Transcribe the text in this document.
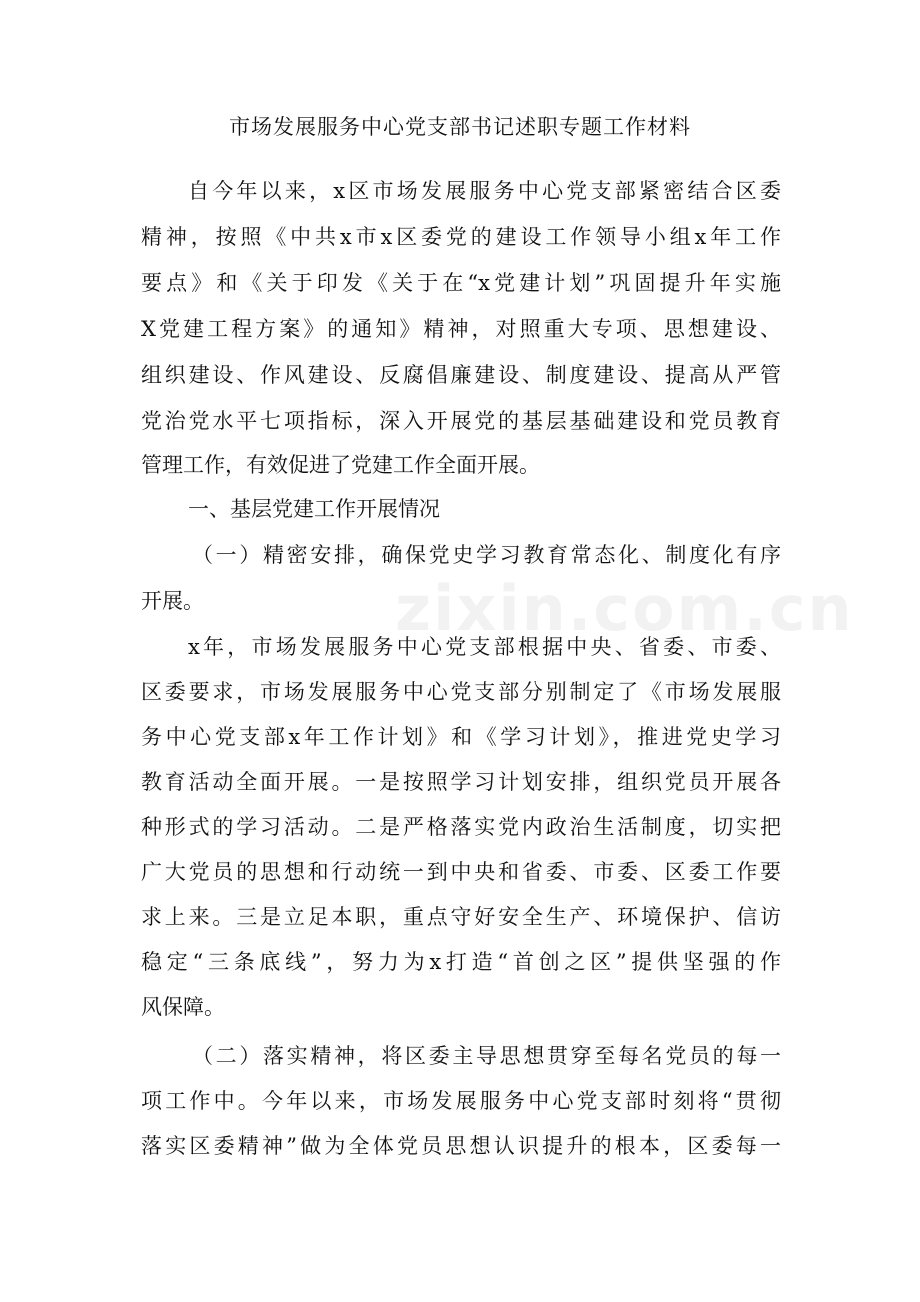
zixin.com.cn
市场发展服务中心党支部书记述职专题工作材料
自今年以来，x区市场发展服务中心党支部紧密结合区委
精神，按照《中共x市x区委党的建设工作领导小组x年工作
要点》和《关于印发《关于在“x党建计划”巩固提升年实施
X党建工程方案》的通知》精神，对照重大专项、思想建设、
组织建设、作风建设、反腐倡廉建设、制度建设、提高从严管
党治党水平七项指标，深入开展党的基层基础建设和党员教育
管理工作，有效促进了党建工作全面开展。
一、基层党建工作开展情况
（一）精密安排，确保党史学习教育常态化、制度化有序
开展。
x年，市场发展服务中心党支部根据中央、省委、市委、
区委要求，市场发展服务中心党支部分别制定了《市场发展服
务中心党支部x年工作计划》和《学习计划》，推进党史学习
教育活动全面开展。一是按照学习计划安排，组织党员开展各
种形式的学习活动。二是严格落实党内政治生活制度，切实把
广大党员的思想和行动统一到中央和省委、市委、区委工作要
求上来。三是立足本职，重点守好安全生产、环境保护、信访
稳定“三条底线”，努力为x打造“首创之区”提供坚强的作
风保障。
（二）落实精神，将区委主导思想贯穿至每名党员的每一
项工作中。今年以来，市场发展服务中心党支部时刻将“贯彻
落实区委精神”做为全体党员思想认识提升的根本，区委每一
